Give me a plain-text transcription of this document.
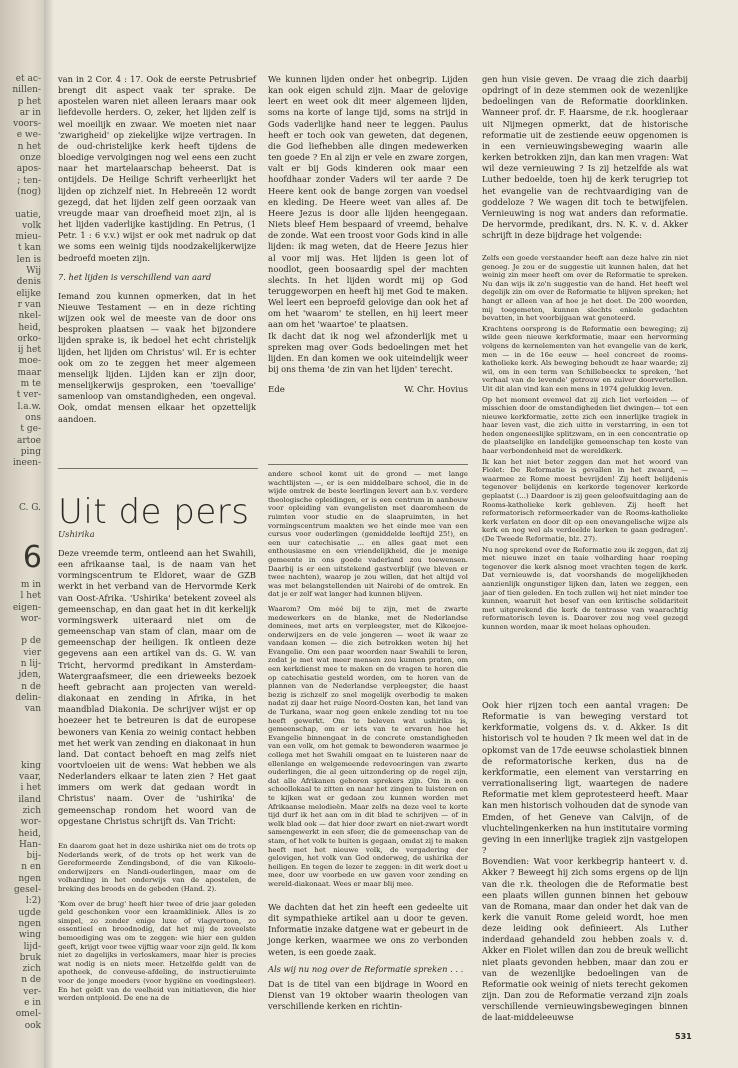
et ac-
nillen-
p het
ar in
voors-
e we-
n het
onze
apos-
; ten-
(nog)

uatie,
volk
mieu-
t kan
len is
Wij
denis
elijke
r van
nkel-
heid,
orko-
ij het
moe-
maar
m te
t ver-
l.a.w.
ons
t ge-
artoe
ping
ineen-

C. G.
6
m in
l het
eigen-
wor-

p de
vier
n lij-
jden,
n de
delin-
van

king
vaar,
i het
iland
zich
wor-
heid,
Han-
bij-
n en
ngen
gesel-
l:2)
ugde
ngen
wing
lijd-
bruk
zich
n de
ver-
e in
omel-
ook

van in 2 Cor. 4 : 17. Ook de eerste Petrusbrief brengt dit aspect vaak ter sprake. De apostelen waren niet alleen leraars maar ook liefdevolle herders. O, zeker, het lijden zelf is wel moeilijk en zwaar. We moeten niet naar 'zwarigheid' op ziekelijke wijze vertragen. In de oud-christelijke kerk heeft tijdens de bloedige vervolgingen nog wel eens een zucht naar het martelaarschap beheerst. Dat is ontijdels. De Heilige Schrift verheerlijkt het lijden op zichzelf niet. In Hebreeën 12 wordt gezegd, dat het lijden zelf geen oorzaak van vreugde maar van droefheid moet zijn, al is het lijden vaderlijke kastijding. En Petrus, (1 Petr. 1 : 6 v.v.) wijst er ook met nadruk op dat we soms een weinig tijds noodzakelijkerwijze bedroefd moeten zijn.

7. het lijden is verschillend van aard

Iemand zou kunnen opmerken, dat in het Nieuwe Testament — en in deze richting wijzen ook wel de meeste van de door ons besproken plaatsen — vaak het bijzondere lijden sprake is, ik bedoel het echt christelijk lijden, het lijden om Christus' wil. Er is echter ook om zo te zeggen het meer algemeen menselijk lijden. Lijden kan er zijn door, menselijkerwijs gesproken, een 'toevallige' samenloop van omstandigheden, een ongeval. Ook, omdat mensen elkaar het opzettelijk aandoen.

We kunnen lijden onder het onbegrip. Lijden kan ook eigen schuld zijn. Maar de gelovige leert en weet ook dit meer algemeen lijden, soms na korte of lange tijd, soms na strijd in Gods vaderlijke hand neer te leggen. Paulus heeft er toch ook van geweten, dat degenen, die God liefhebben alle dingen medewerken ten goede ? En al zijn er vele en zware zorgen, valt er bij Gods kinderen ook maar een hoofdhaar zonder Vaders wil ter aarde ? De Heere kent ook de bange zorgen van voedsel en kleding. De Heere weet van alles af. De Heere Jezus is door alle lijden heengegaan. Niets bleef Hem bespaard of vreemd, behalve de zonde. Wat een troost voor Gods kind in alle lijden: ik mag weten, dat de Heere Jezus hier al voor mij was. Het lijden is geen lot of noodlot, geen boosaardig spel der machten slechts. In het lijden wordt mij op God teruggeworpen en heeft hij met God te maken. Wel leert een beproefd gelovige dan ook het af om het 'waarom' te stellen, en hij leert meer aan om het 'waartoe' te plaatsen.

Ik dacht dat ik nog wel afzonderlijk met u spreken mag over Gods bedoelingen met het lijden. En dan komen we ook uiteindelijk weer bij ons thema 'de zin van het lijden' terecht.

Ede	W. Chr. Hovius
Uit de pers
Ushirika

Deze vreemde term, ontleend aan het Swahili, een afrikaanse taal, is de naam van het vormingscentrum te Eldoret, waar de GZB werkt in het verband van de Hervormde Kerk van Oost-Afrika. 'Ushirika' betekent zoveel als gemeenschap, en dan gaat het in dit kerkelijk vormingswerk uiteraard niet om de gemeenschap van stam of clan, maar om de gemeenschap der heiligen. Ik ontleen deze gegevens aan een artikel van ds. G. W. van Tricht, hervormd predikant in Amsterdam-Watergraafsmeer, die een drieweeks bezoek heeft gebracht aan projecten van wereld-diakonaat en zending in Afrika, in het maandblad Diakonia. De schrijver wijst er op hoezeer het te betreuren is dat de europese bewoners van Kenia zo weinig contact hebben met het werk van zending en diakonaat in hun land. Dat contact behoeft en mag zelfs niet voortvloeien uit de wens: Wat hebben we als Nederlanders elkaar te laten zien ? Het gaat immers om werk dat gedaan wordt in Christus' naam. Over de 'ushirika' de gemeenschap rondom het woord van de opgestane Christus schrijft ds. Van Tricht:

En daarom gaat het in deze ushirika niet om de trots op Nederlands werk, of de trots op het werk van de Gereformeerde Zendingsbond, of die van Kikoelo-onderwijzers en Nandi-ouderlingen, maar om de volharding in het onderwijs van de apostelen, de breking des broods en de gebeden (Hand. 2).

'Kom over de brug' heeft hier twee of drie jaar geleden geld geschonken voor een kraamkliniek. Alles is zo simpel, zo zonder enige luxe of vlagvertoon, zo essentieel en broodnodig, dat het mij de zoveelste bemoediging was om te zeggen: wie hier een gulden geeft, krijgt voor twee vijftig waar voor zijn geld. Ik kom niet zo dagelijks in verloskamers, maar hier is precies wat nodig is en niets meer. Hetzelfde geldt van de apotheek, de conveuse-afdeling, de instructieruimte voor de jonge moeders (voor hygiëne en voedingsleer). En het geldt van de veelheid van initiatieven, die hier werden ontplooid. De ene na de

andere school komt uit de grond — met lange wachtlijsten —, er is een middelbare school, die in de wijde omtrek de beste leerlingen levert aan b.v. verdere theologische opleidingen, er is een centrum in aanbouw voor opleiding van evangelisten met daaromheen de ruimten voor studie en de slaapruimten, in het vormingscentrum maakten we het einde mee van een cursus voor ouderlingen (gemiddelde leeftijd 25!), en een uur catechisatie ... en alles gaat met een enthousiasme en een vriendelijkheid, die je menige gemeente in ons goede vaderland zou toewensen. Daarbij is er een uitstekend gastverblijf (we bleven er twee nachten), waarop je zou willen, dat het altijd vol was met belangstellenden uit Nairobi of de omtrek. En dat je er zelf wat langer had kunnen blijven.

Waarom? Om méé bij te zijn, met de zwarte medewerkers en de blanke, met de Nederlandse dominees, met arts en verpleegster, met de Kikoejoe-onderwijzers en de vele jongeren — weet ik waar ze vandaan komen — die zich betrokken weten bij het Evangelie. Om een paar woorden naar Swahili te leren, zodat je met wat meer mensen zou kunnen praten, om een kerkdienst mee te maken en de vragen te horen die op catechisatie gesteld worden, om te horen van de plannen van de Nederlandse verpleegster, die haast bezig is zichzelf zo snel mogelijk overbodig te maken nadat zij daar het ruige Noord-Oosten kan, het land van de Turkana, waar nog geen enkele zending tot nu toe heeft gewerkt. Om te beleven wat ushirika is, gemeenschap, om er iets van te ervaren hoe het Evangelie binnengaat in de concrete omstandigheden van een volk, om het gemak te bewonderen waarmee je collega met het Swahili omgaat en te luisteren naar de ellenlange en welgemeende redevoeringen van zwarte ouderlingen, die al geen uitzondering op de regel zijn, dat alle Afrikanen geboren sprekers zijn. Om in een schoollokaal te zitten en naar het zingen te luisteren en te kijken wat er gedaan zou kunnen worden met Afrikaanse melodieën. Maar zelfs na deze veel te korte tijd durf ik het aan om in dit blad te schrijven — of in welk blad ook — dat hier door zwart en niet-zwart wordt samengewerkt in een sfeer, die de gemeenschap van de stam, of het volk te buiten is gegaan, omdat zij te maken heeft met het nieuwe volk, de vergadering der gelovigen, het volk van God onderweg, de ushirika der heiligen. En tegen de lezer te zeggen: in dit werk doet u mee, door uw voorbede en uw gaven voor zending en wereld-diakonaat. Wees er maar blij mee.

We dachten dat het zin heeft een gedeelte uit dit sympathieke artikel aan u door te geven. Informatie inzake datgene wat er gebeurt in de jonge kerken, waarmee we ons zo verbonden weten, is een goede zaak.

Als wij nu nog over de Reformatie spreken . . .

Dat is de titel van een bijdrage in Woord en Dienst van 19 oktober waarin theologen van verschillende kerken en richtin-

gen hun visie geven. De vraag die zich daarbij opdringt of in deze stemmen ook de wezenlijke bedoelingen van de Reformatie doorklinken. Wanneer prof. dr. F. Haarsme, de r.k. hoogleraar uit Nijmegen opmerkt, dat de historische reformatie uit de zestiende eeuw opgenomen is in een vernieuwingsbeweging waarin alle kerken betrokken zijn, dan kan men vragen: Wat wil deze vernieuwing ? Is zij hetzelfde als wat Luther bedoelde, toen hij de kerk terugriep tot het evangelie van de rechtvaardiging van de goddeloze ? We wagen dit toch te betwijfelen. Vernieuwing is nog wat anders dan reformatie. De hervormde, predikant, drs. N. K. v. d. Akker schrijft in deze bijdrage het volgende:

Zelfs een goede verstaander heeft aan deze halve zin niet genoeg. Je zou er de suggestie uit kunnen halen, dat het weinig zin meer heeft om over de Reformatie te spreken. Nu dan wijs ik zo'n suggestie van de hand. Het heeft wel degelijk zin om over de Reformatie te blijven spreken; het hangt er alleen van af hoe je het doet. De 200 woorden, mij toegemeten, kunnen slechts enkele gedachten bevatten, in het voorbijgaan wat genoteerd.

Krachtens oorsprong is de Reformatie een beweging; zij wilde geen nieuwe kerkformatie, maar een hervorming volgens de kernelementen van het evangelie van de kerk, men — in de 16e eeuw — heel concreet de rooms-katholieke kerk. Als beweging behoudt ze haar waarde; zij wil, om in een term van Schillebeeckx te spreken, 'het verhaal van de levende' getrouw en zuiver doorvertellen. Uit dit alan vind kan een mens in 1974 gelukkig leven.

Op het moment evenwel dat zij zich liet verleiden — of misschien door de omstandigheden liet dwingen— tot een nieuwe kerkformatie, zette zich een innerlijke tragiek in haar leven vast, die zich uitte in verstarring, in een tot heden ongeneeslijke splitzwam, en in een concentratie op de plaatselijke en landelijke gemeenschap ten koste van haar verbondenheid met de wereldkerk.

Ik kan het niet beter zeggen dan met het woord van Fiolet: De Reformatie is gevallen in het zwaard, — waarmee ze Rome moest bevrijden! Zij heeft belijdenis tegenover belijdenis en kerkorde tegenover kerkorde geplaatst (...) Daardoor is zij geen geloofsuitdaging aan de Rooms-katholieke kerk gebleven. Zij heeft het reformatorisch reformeerkader van de Rooms-katholieke kerk verlaten en door dit op een onevangelische wijze als kerk en nog wel als verdeelde kerken te gaan gedragen'. (De Tweede Reformatie, blz. 27).

Nu nog sprekend over de Reformatie zou ik zeggen, dat zij met nieuwe inzet en taaie volharding haar roeping tegenover die kerk alsnog moet vrachten tegen de kerk. Dat vernieuwde is, dat voorshands de mogelijkheden aanzienlijk ongunstiger lijken dan, laten we zeggen, een jaar of tien geleden. En toch zullen wij het niet minder toe kunnen, waaruit het besef van een kritische solidariteit met uitgerekend die kerk de tentrasse van waarachtig reformatorisch leven is. Daarover zou nog veel gezegd kunnen worden, maar ik moet helaas ophouden.

Ook hier rijzen toch een aantal vragen: De Reformatie is van beweging verstard tot kerkformatie, volgens ds. v. d. Akker. Is dit historisch vol te houden ? Ik meen wel dat in de opkomst van de 17de eeuwse scholastiek binnen de reformatorische kerken, dus na de kerkformatie, een element van verstarring en verrationalisering ligt, waartegen de nadere Reformatie met klem geprotesteerd heeft. Maar kan men historisch volhouden dat de synode van Emden, of het Geneve van Calvijn, of de vluchtelingenkerken na hun institutaire vorming geving in een innerlijke tragiek zijn vastgelopen ?

Bovendien: Wat voor kerkbegrip hanteert v. d. Akker ? Beweegt hij zich soms ergens op de lijn van die r.k. theologen die de Reformatie best een plaats willen gunnen binnen het gebouw van de Romana, maar dan onder het dak van de kerk die vanuit Rome geleid wordt, hoe men deze leiding ook definieert. Als Luther inderdaad gehandeld zou hebben zoals v. d. Akker en Fiolet willen dan zou de breuk wellicht niet plaats gevonden hebben, maar dan zou er van de wezenlijke bedoelingen van de Reformatie ook weinig of niets terecht gekomen zijn. Dan zou de Reformatie verzand zijn zoals verschillende vernieuwingsbewegingen binnen de laat-middeleeuwse

531
